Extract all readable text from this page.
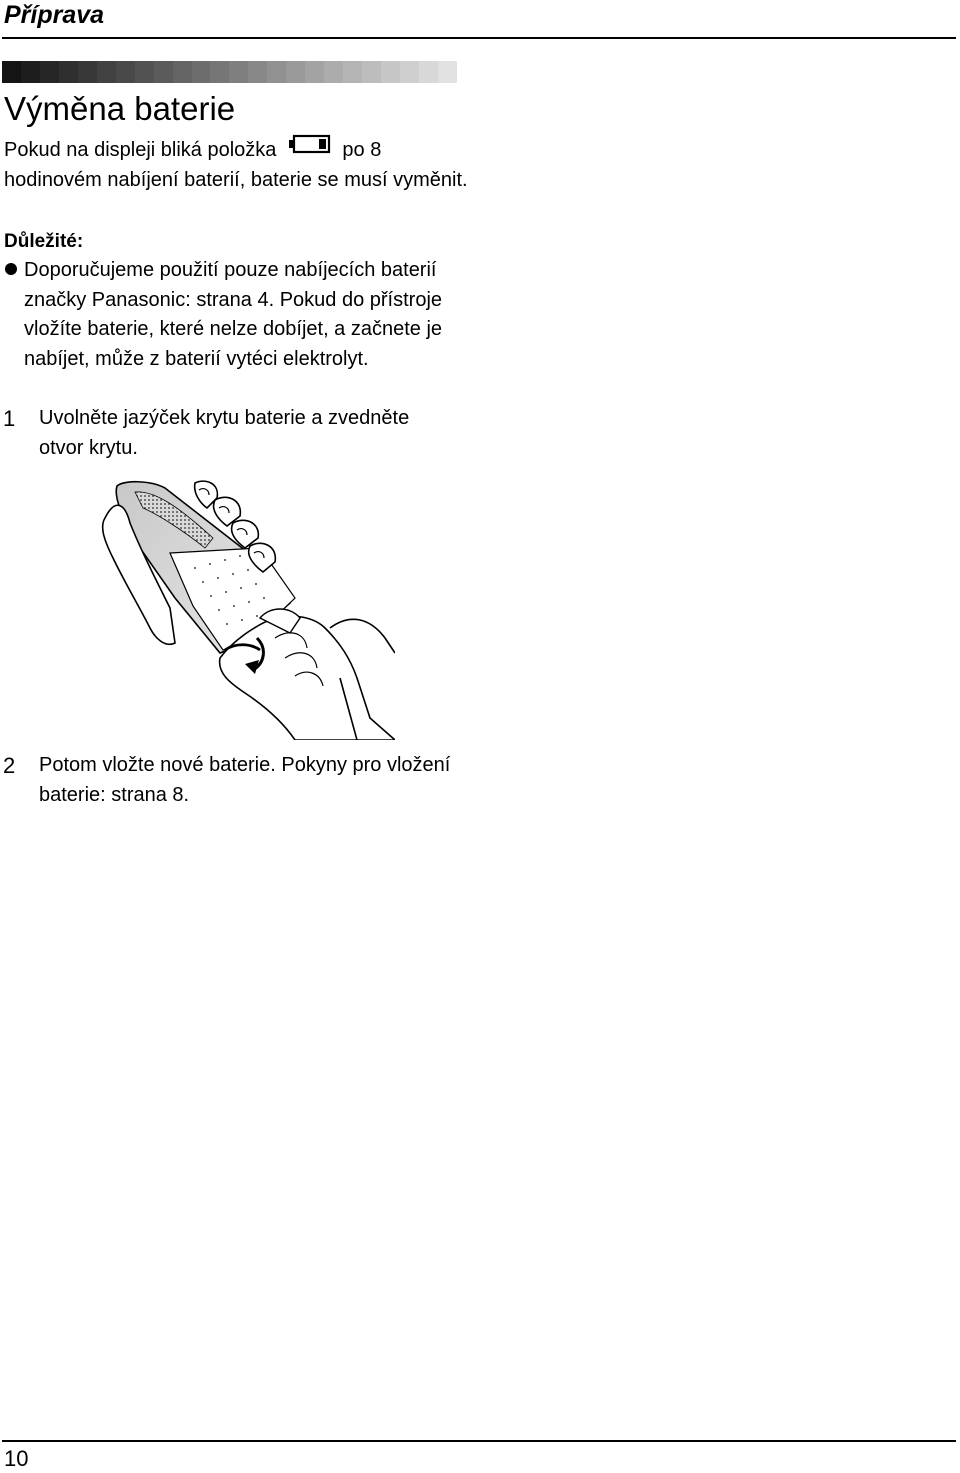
Příprava
Výměna baterie
Pokud na displeji bliká položka	po 8 hodinovém nabíjení baterií, baterie se musí vyměnit.
Důležité:
Doporučujeme použití pouze nabíjecích baterií značky Panasonic: strana 4. Pokud do přístroje vložíte baterie, které nelze dobíjet, a začnete je nabíjet, může z baterií vytéci elektrolyt.
1 Uvolněte jazýček krytu baterie a zvedněte otvor krytu.
2 Potom vložte nové baterie. Pokyny pro vložení baterie: strana 8.
10
